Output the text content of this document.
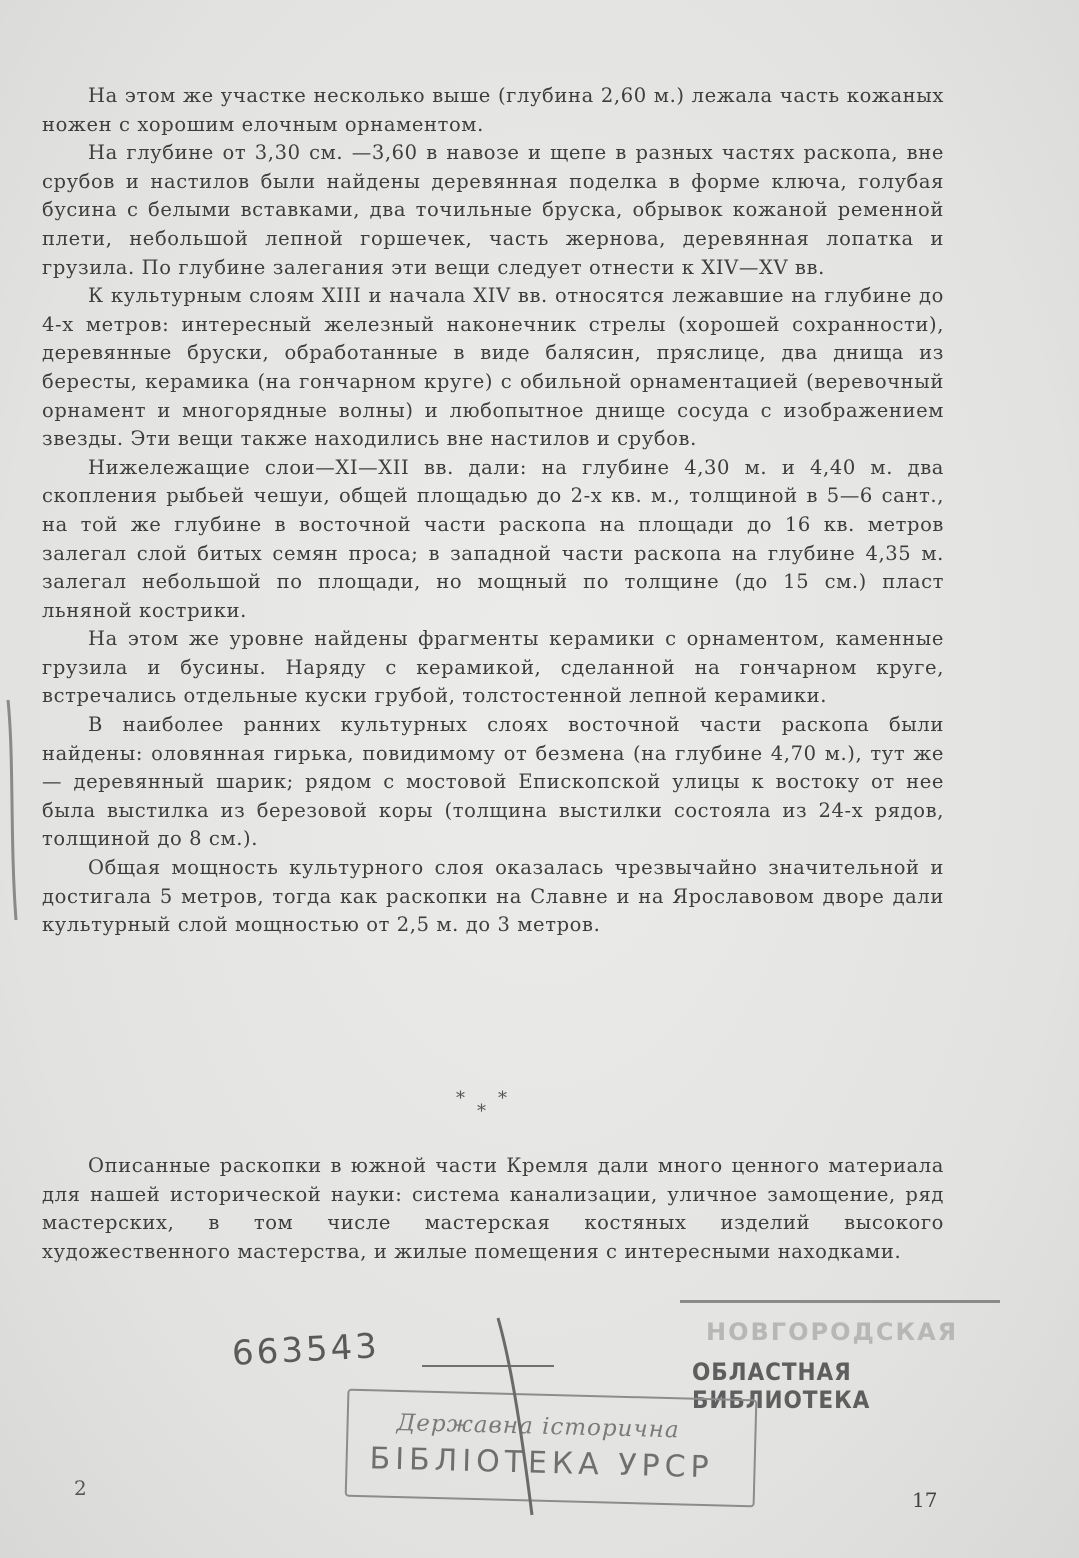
На этом же участке несколько выше (глубина 2,60 м.) лежала часть кожаных ножен с хорошим елочным орнаментом.

На глубине от 3,30 см. —3,60 в навозе и щепе в разных частях раскопа, вне срубов и настилов были найдены деревянная поделка в форме ключа, голубая бусина с белыми вставками, два точильные бруска, обрывок кожаной ременной плети, небольшой лепной горшечек, часть жернова, деревянная лопатка и грузила. По глубине залегания эти вещи следует отнести к XIV—XV вв.

К культурным слоям XIII и начала XIV вв. относятся лежавшие на глубине до 4-х метров: интересный железный наконечник стрелы (хорошей сохранности), деревянные бруски, обработанные в виде балясин, пряслице, два днища из бересты, керамика (на гончарном круге) с обильной орнаментацией (веревочный орнамент и многорядные волны) и любопытное днище сосуда с изображением звезды. Эти вещи также находились вне настилов и срубов.

Нижележащие слои—XI—XII вв. дали: на глубине 4,30 м. и 4,40 м. два скопления рыбьей чешуи, общей площадью до 2-х кв. м., толщиной в 5—6 сант., на той же глубине в восточной части раскопа на площади до 16 кв. метров залегал слой битых семян проса; в западной части раскопа на глубине 4,35 м. залегал небольшой по площади, но мощный по толщине (до 15 см.) пласт льняной кострики.

На этом же уровне найдены фрагменты керамики с орнаментом, каменные грузила и бусины. Наряду с керамикой, сделанной на гончарном круге, встречались отдельные куски грубой, толстостенной лепной керамики.

В наиболее ранних культурных слоях восточной части раскопа были найдены: оловянная гирька, повидимому от безмена (на глубине 4,70 м.), тут же — деревянный шарик; рядом с мостовой Епископской улицы к востоку от нее была выстилка из березовой коры (толщина выстилки состояла из 24-х рядов, толщиной до 8 см.).

Общая мощность культурного слоя оказалась чрезвычайно значительной и достигала 5 метров, тогда как раскопки на Славне и на Ярославовом дворе дали культурный слой мощностью от 2,5 м. до 3 метров.

* *
*

Описанные раскопки в южной части Кремля дали много ценного материала для нашей исторической науки: система канализации, уличное замощение, ряд мастерских, в том числе мастерская костяных изделий высокого художественного мастерства, и жилые помещения с интересными находками.

663543	НОВГОРОДСКАЯ
ОБЛАСТНАЯ БИБЛИОТЕКА
Державна історична
БІБЛІОТЕКА УРСР
2	17
